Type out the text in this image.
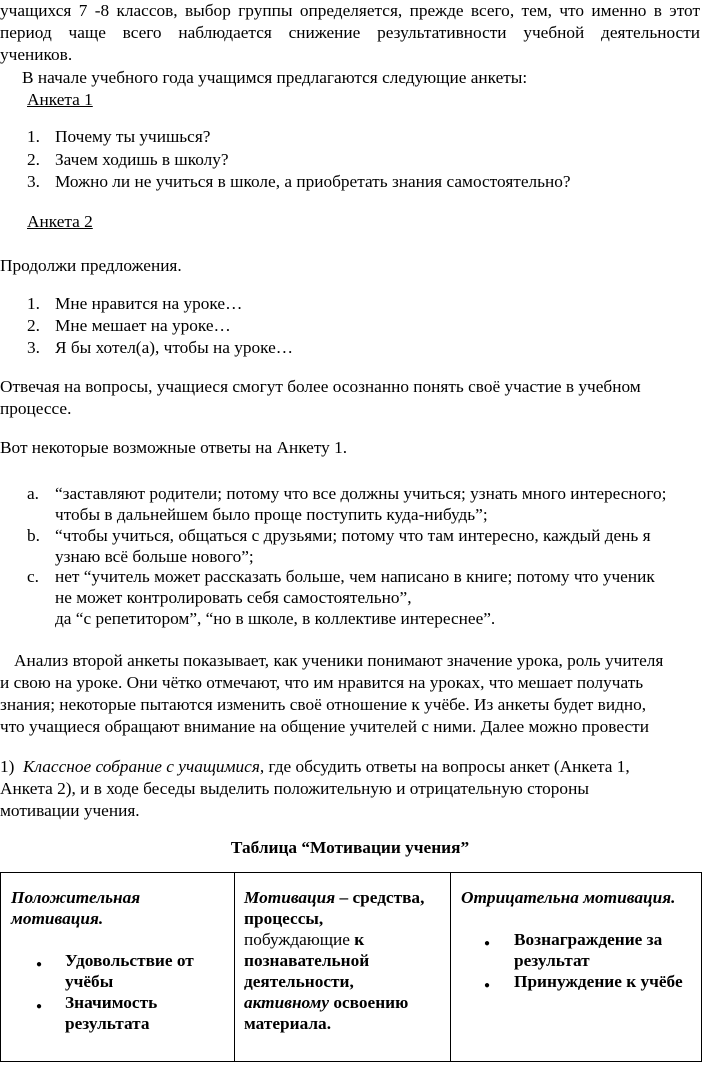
учащихся 7 -8 классов, выбор группы определяется, прежде всего, тем, что именно в этот
период чаще всего наблюдается снижение результативности учебной деятельности
учеников.
В начале учебного года учащимся предлагаются следующие анкеты:
Анкета 1
1. Почему ты учишься?
2. Зачем ходишь в школу?
3. Можно ли не учиться в школе, а приобретать знания самостоятельно?
Анкета 2
Продолжи предложения.
1. Мне нравится на уроке…
2. Мне мешает на уроке…
3. Я бы хотел(а), чтобы на уроке…
Отвечая на вопросы, учащиеся смогут более осознанно понять своё участие в учебном
процессе.
Вот некоторые возможные ответы на Анкету 1.
a. “заставляют родители; потому что все должны учиться; узнать много интересного;
чтобы в дальнейшем было проще поступить куда-нибудь”;
b. “чтобы учиться, общаться с друзьями; потому что там интересно, каждый день я
узнаю всё больше нового”;
c. нет “учитель может рассказать больше, чем написано в книге; потому что ученик
не может контролировать себя самостоятельно”,
да “с репетитором”, “но в школе, в коллективе интереснее”.
Анализ второй анкеты показывает, как ученики понимают значение урока, роль учителя
и свою на уроке. Они чётко отмечают, что им нравится на уроках, что мешает получать
знания; некоторые пытаются изменить своё отношение к учёбе. Из анкеты будет видно,
что учащиеся обращают внимание на общение учителей с ними. Далее можно провести
1) Классное собрание с учащимися, где обсудить ответы на вопросы анкет (Анкета 1,
Анкета 2), и в ходе беседы выделить положительную и отрицательную стороны
мотивации учения.
Таблица “Мотивации учения”
Положительная
мотивация.
● Удовольствие от
учёбы
● Значимость
результата

Мотивация – средства,
процессы,
побуждающие к
познавательной
деятельности,
активному освоению
материала.

Отрицательна мотивация.
● Вознаграждение за
результат
● Принуждение к учёбе
